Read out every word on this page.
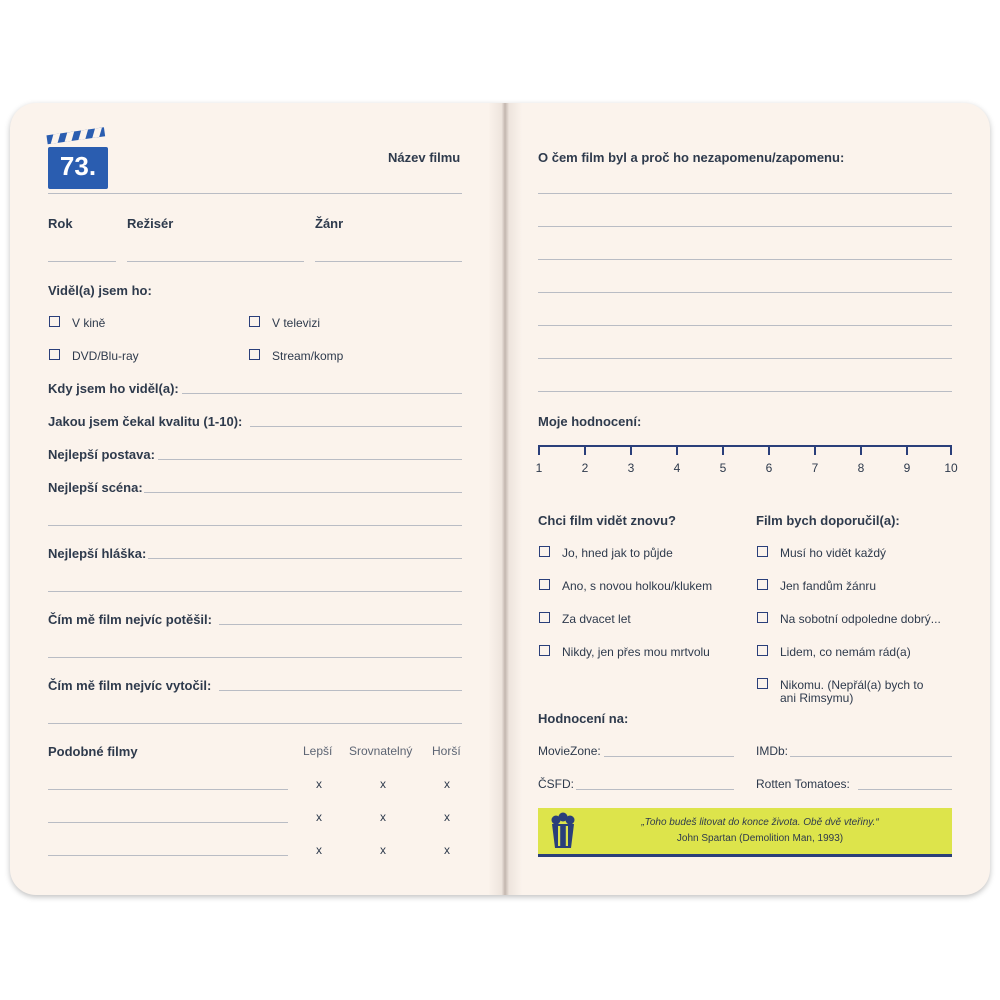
73.	Název filmu
Rok	Režisér	Žánr
Viděl(a) jsem ho:
V kině	V televizi
DVD/Blu-ray	Stream/komp
Kdy jsem ho viděl(a):
Jakou jsem čekal kvalitu (1-10):
Nejlepší postava:
Nejlepší scéna:
Nejlepší hláška:
Čím mě film nejvíc potěšil:
Čím mě film nejvíc vytočil:
Podobné filmy	Lepší Srovnatelný Horší
x	x	x
x	x	x
x	x	x
O čem film byl a proč ho nezapomenu/zapomenu:
Moje hodnocení:
1	2	3	4	5	6	7	8	9	10
Chci film vidět znovu?
Jo, hned jak to půjde
Ano, s novou holkou/klukem
Za dvacet let
Nikdy, jen přes mou mrtvolu
Film bych doporučil(a):
Musí ho vidět každý
Jen fandům žánru
Na sobotní odpoledne dobrý...
Lidem, co nemám rád(a)
Nikomu. (Nepřál(a) bych to
ani Rimsymu)
Hodnocení na:
MovieZone:	IMDb:
ČSFD:	Rotten Tomatoes:
„Toho budeš litovat do konce života. Obě dvě vteřiny.“
John Spartan (Demolition Man, 1993)
